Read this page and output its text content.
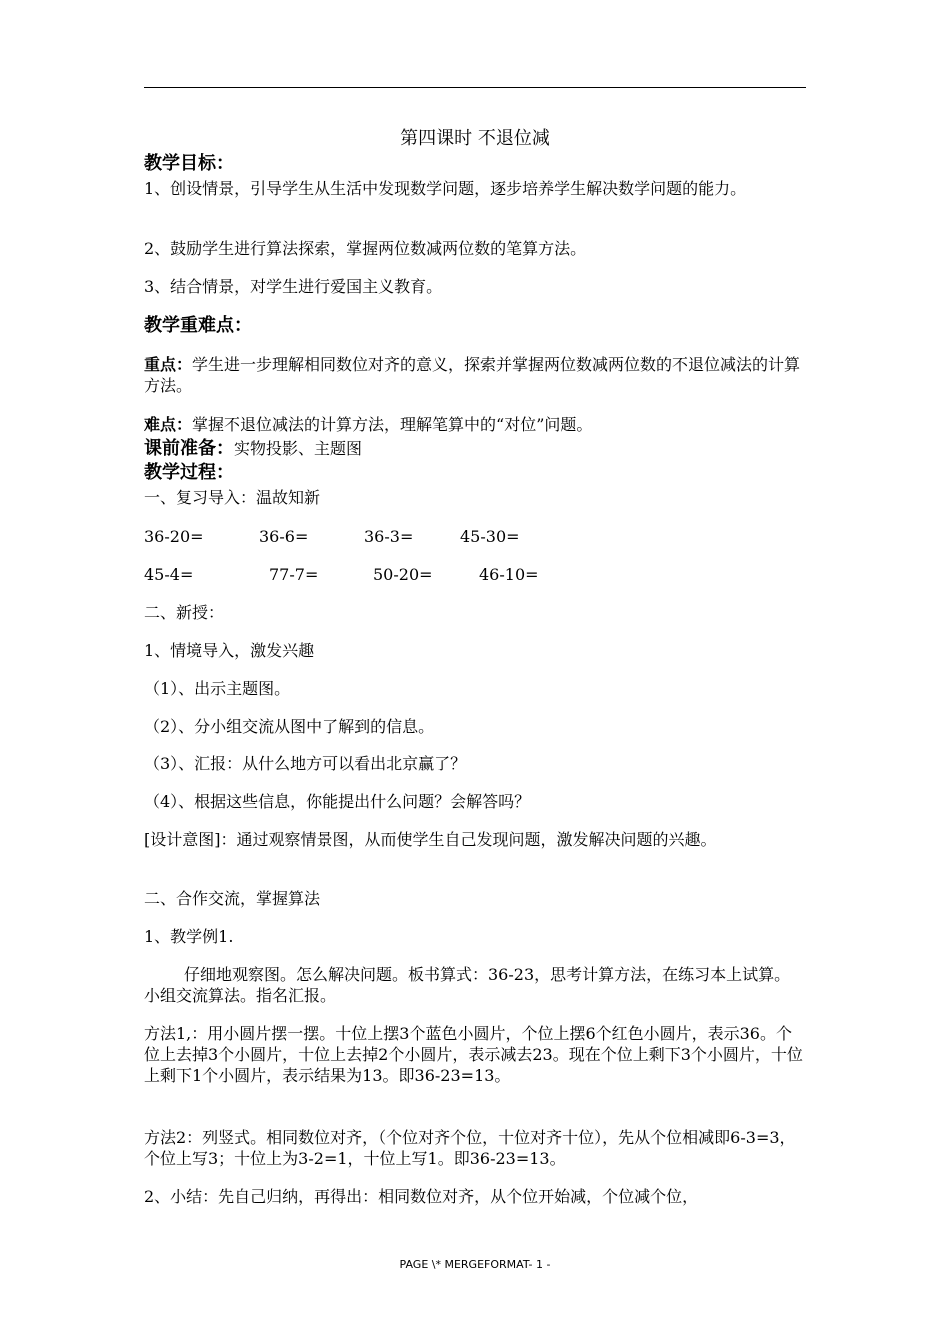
第四课时 不退位减
教学目标：
1、创设情景，引导学生从生活中发现数学问题，逐步培养学生解决数学问题的能力。
2、鼓励学生进行算法探索，掌握两位数减两位数的笔算方法。
3、结合情景，对学生进行爱国主义教育。
教学重难点：
重点：学生进一步理解相同数位对齐的意义，探索并掌握两位数减两位数的不退位减法的计算方法。
难点：掌握不退位减法的计算方法，理解笔算中的“对位”问题。
课前准备：实物投影、主题图
教学过程：
一、复习导入：温故知新
36-20=	36-6=	36-3=	45-30=
45-4=	77-7=	50-20=	46-10=
二、新授：
1、情境导入，激发兴趣
（1）、出示主题图。
（2）、分小组交流从图中了解到的信息。
（3）、汇报：从什么地方可以看出北京赢了？
（4）、根据这些信息，你能提出什么问题？会解答吗？
[设计意图]：通过观察情景图，从而使学生自己发现问题，激发解决问题的兴趣。
二、合作交流，掌握算法
1、教学例1.
仔细地观察图。怎么解决问题。板书算式：36-23，思考计算方法，在练习本上试算。小组交流算法。指名汇报。
方法1,：用小圆片摆一摆。十位上摆3个蓝色小圆片，个位上摆6个红色小圆片，表示36。个位上去掉3个小圆片，十位上去掉2个小圆片，表示减去23。现在个位上剩下3个小圆片，十位上剩下1个小圆片，表示结果为13。即36-23=13。
方法2：列竖式。相同数位对齐，（个位对齐个位，十位对齐十位），先从个位相减即6-3=3，个位上写3；十位上为3-2=1，十位上写1。即36-23=13。
2、小结：先自己归纳，再得出：相同数位对齐，从个位开始减，个位减个位，
PAGE \* MERGEFORMAT- 1 -
